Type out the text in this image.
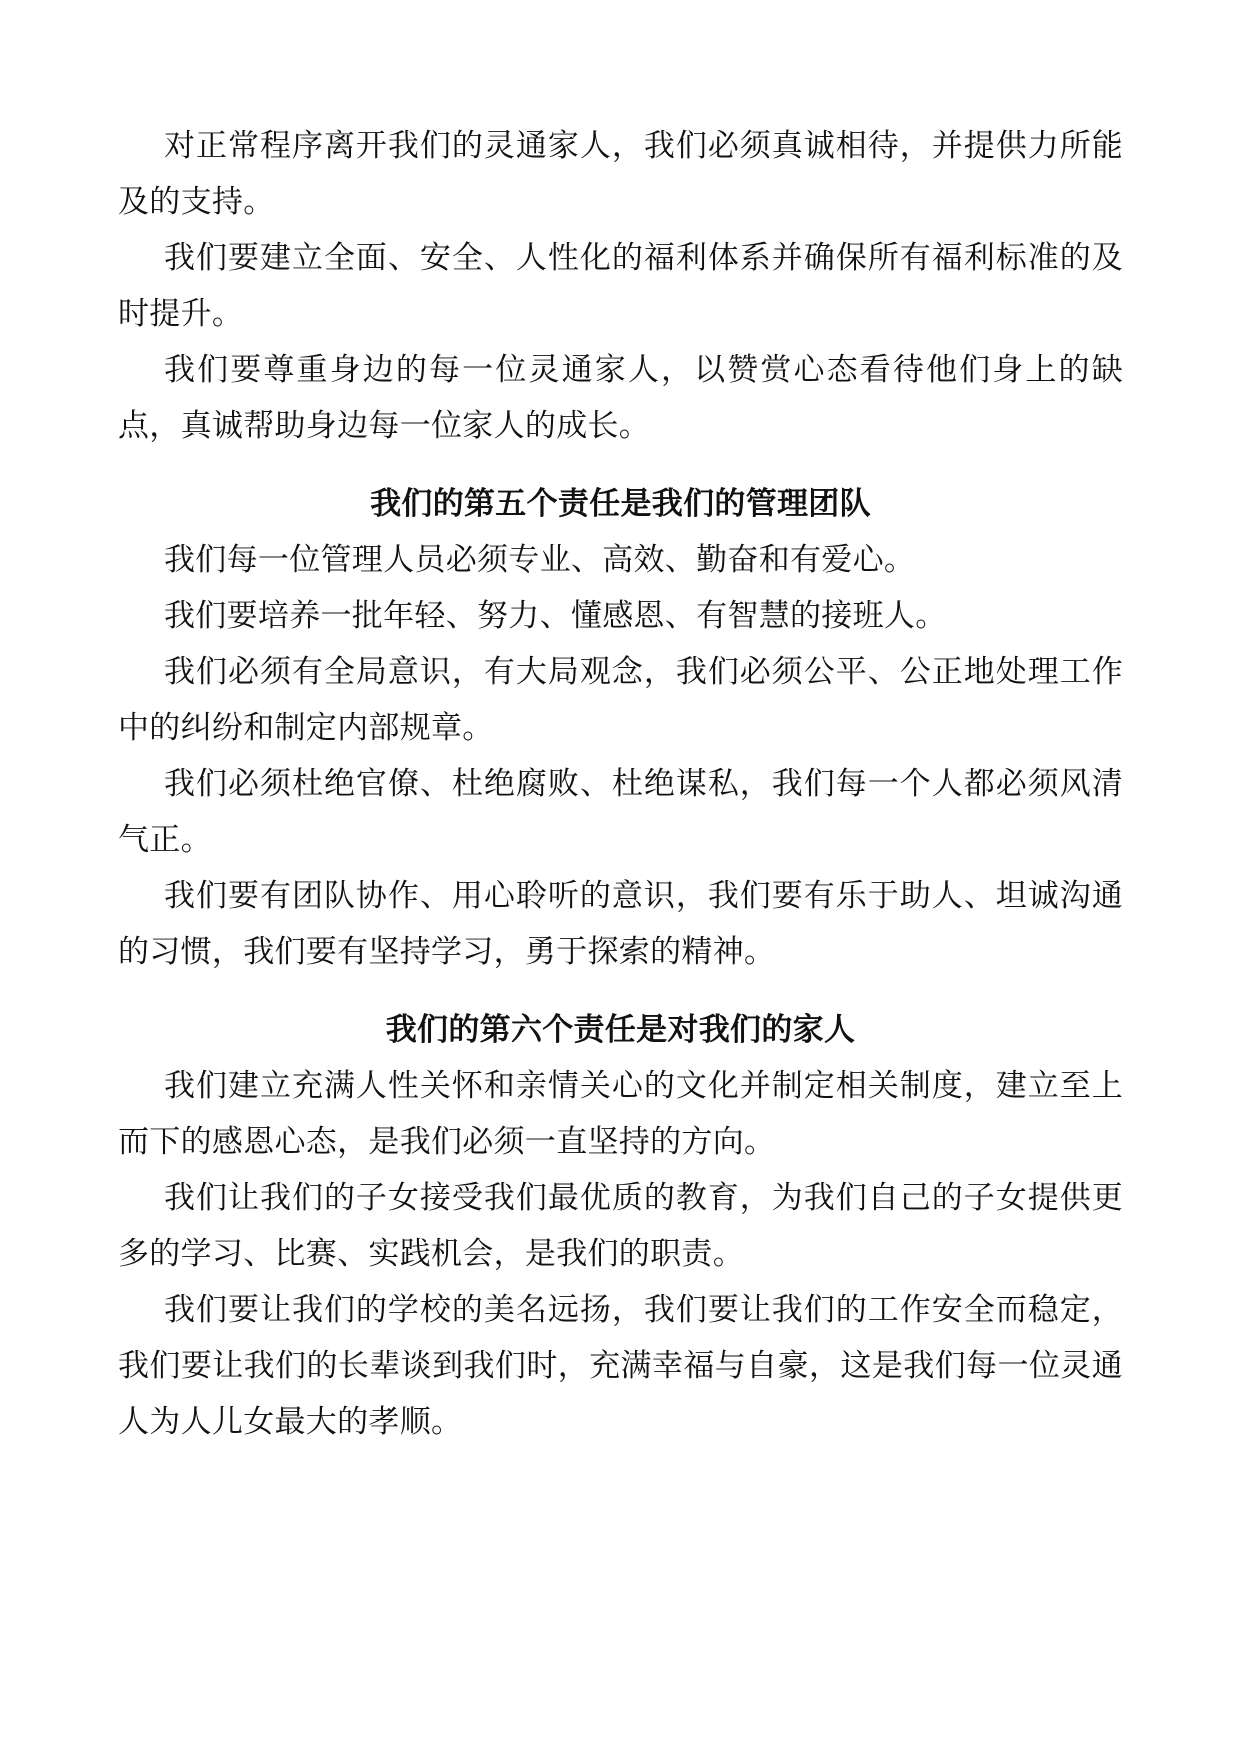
对正常程序离开我们的灵通家人，我们必须真诚相待，并提供力所能及的支持。

我们要建立全面、安全、人性化的福利体系并确保所有福利标准的及时提升。

我们要尊重身边的每一位灵通家人，以赞赏心态看待他们身上的缺点，真诚帮助身边每一位家人的成长。

我们的第五个责任是我们的管理团队

我们每一位管理人员必须专业、高效、勤奋和有爱心。

我们要培养一批年轻、努力、懂感恩、有智慧的接班人。

我们必须有全局意识，有大局观念，我们必须公平、公正地处理工作中的纠纷和制定内部规章。

我们必须杜绝官僚、杜绝腐败、杜绝谋私，我们每一个人都必须风清气正。

我们要有团队协作、用心聆听的意识，我们要有乐于助人、坦诚沟通的习惯，我们要有坚持学习，勇于探索的精神。

我们的第六个责任是对我们的家人

我们建立充满人性关怀和亲情关心的文化并制定相关制度，建立至上而下的感恩心态，是我们必须一直坚持的方向。

我们让我们的子女接受我们最优质的教育，为我们自己的子女提供更多的学习、比赛、实践机会，是我们的职责。

我们要让我们的学校的美名远扬，我们要让我们的工作安全而稳定，我们要让我们的长辈谈到我们时，充满幸福与自豪，这是我们每一位灵通人为人儿女最大的孝顺。
